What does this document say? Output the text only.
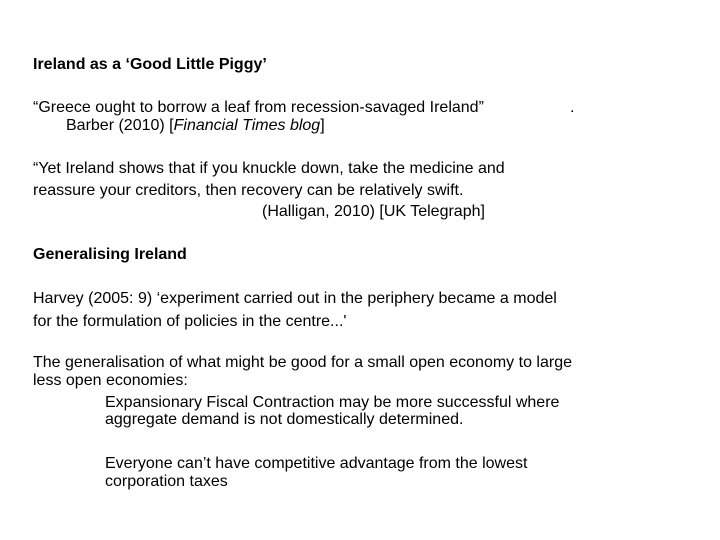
Ireland as a ‘Good Little Piggy’
“Greece ought to borrow a leaf from recession-savaged Ireland”	.
Barber (2010) [Financial Times blog]
“Yet Ireland shows that if you knuckle down, take the medicine and
reassure your creditors, then recovery can be relatively swift.
(Halligan, 2010) [UK Telegraph]
Generalising Ireland
Harvey (2005: 9) ‘experiment carried out in the periphery became a model
for the formulation of policies in the centre...'
The generalisation of what might be good for a small open economy to large
less open economies:
Expansionary Fiscal Contraction may be more successful where
aggregate demand is not domestically determined.
Everyone can’t have competitive advantage from the lowest
corporation taxes
